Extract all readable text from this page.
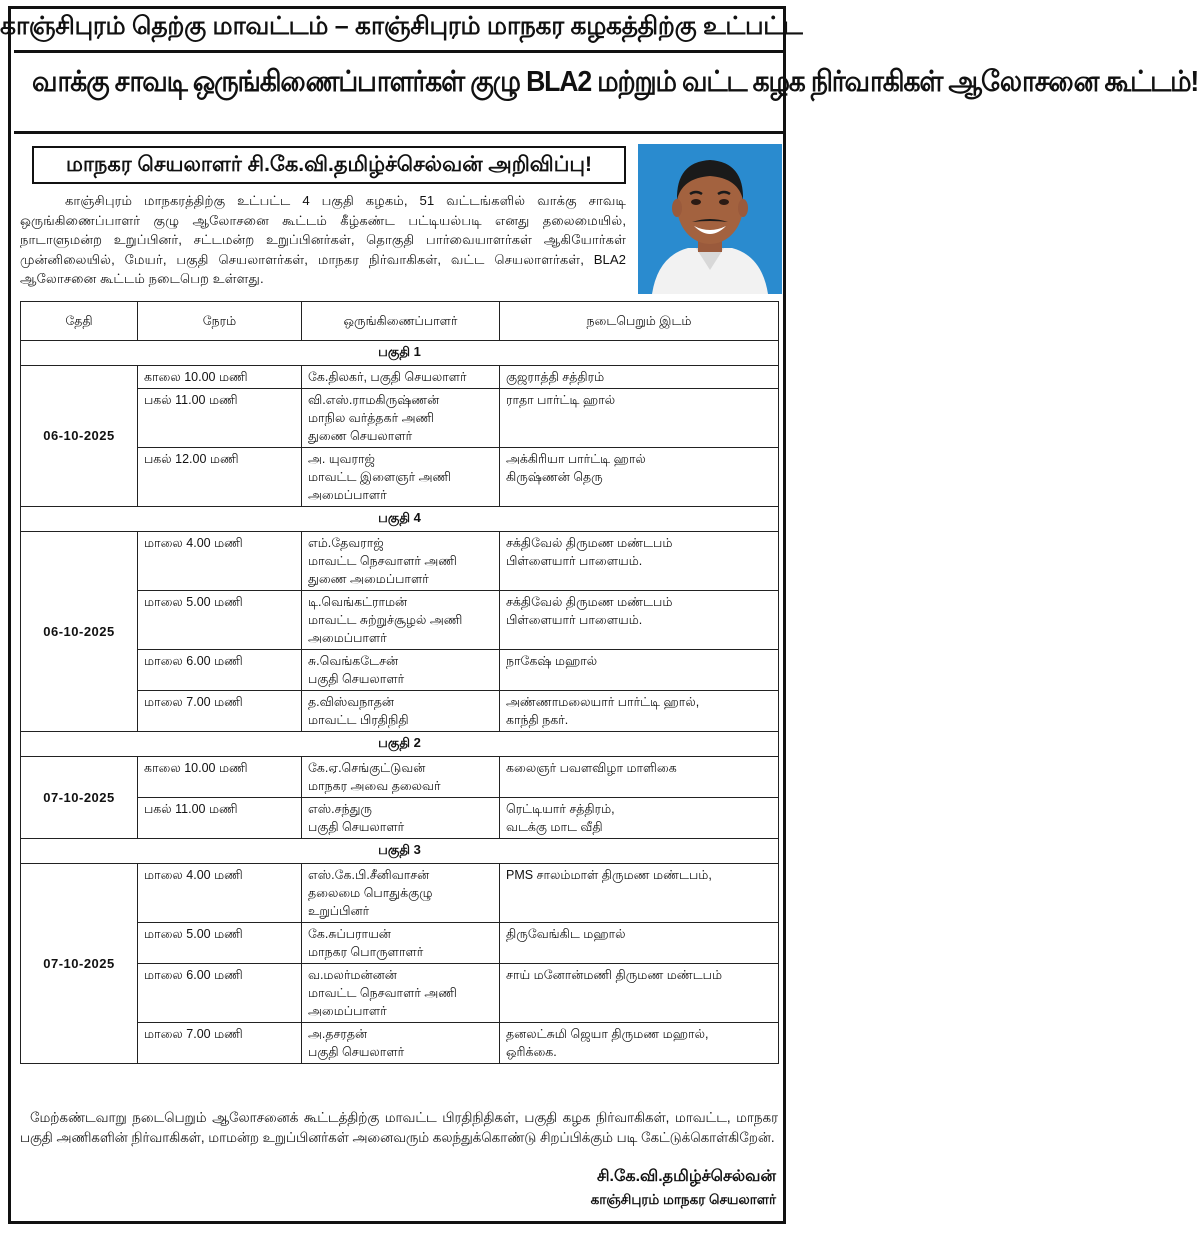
காஞ்சிபுரம் தெற்கு மாவட்டம் – காஞ்சிபுரம் மாநகர கழகத்திற்கு உட்பட்ட
வாக்கு சாவடி ஒருங்கிணைப்பாளர்கள் குழு BLA2 மற்றும் வட்ட கழக நிர்வாகிகள் ஆலோசனை கூட்டம்!
மாநகர செயலாளர் சி.கே.வி.தமிழ்ச்செல்வன் அறிவிப்பு!
காஞ்சிபுரம் மாநகரத்திற்கு உட்பட்ட 4 பகுதி கழகம், 51 வட்டங்களில் வாக்கு சாவடி ஒருங்கிணைப்பாளர் குழு ஆலோசனை கூட்டம் கீழ்கண்ட பட்டியல்படி எனது தலைமையில், நாடாளுமன்ற உறுப்பினர், சட்டமன்ற உறுப்பினர்கள், தொகுதி பார்வையாளர்கள் ஆகியோர்கள் முன்னிலையில், மேயர், பகுதி செயலாளர்கள், மாநகர நிர்வாகிகள், வட்ட செயலாளர்கள், BLA2 ஆலோசனை கூட்டம் நடைபெற உள்ளது.
தேதி	நேரம்	ஒருங்கிணைப்பாளர்	நடைபெறும் இடம்
பகுதி 1			
06-10-2025	காலை 10.00 மணி	கே.திலகர், பகுதி செயலாளர்	குஜராத்தி சத்திரம்

	பகல் 11.00 மணி	வி.எஸ்.ராமகிருஷ்ணன்
மாநில வர்த்தகர் அணி
துணை செயலாளர்	ராதா பார்ட்டி ஹால்

	பகல் 12.00 மணி	அ. யுவராஜ்
மாவட்ட இளைஞர் அணி
அமைப்பாளர்	அக்கிரியா பார்ட்டி ஹால்
கிருஷ்ணன் தெரு

பகுதி 4			
06-10-2025	மாலை 4.00 மணி	எம்.தேவராஜ்
மாவட்ட நெசவாளர் அணி
துணை அமைப்பாளர்	சக்திவேல் திருமண மண்டபம்
பிள்ளையார் பாளையம்.

	மாலை 5.00 மணி	டி.வெங்கட்ராமன்
மாவட்ட சுற்றுச்சூழல் அணி
அமைப்பாளர்	சக்திவேல் திருமண மண்டபம்
பிள்ளையார் பாளையம்.

	மாலை 6.00 மணி	சு.வெங்கடேசன்
பகுதி செயலாளர்	நாகேஷ் மஹால்

	மாலை 7.00 மணி	த.விஸ்வநாதன்
மாவட்ட பிரதிநிதி	அண்ணாமலையார் பார்ட்டி ஹால்,
காந்தி நகர்.

பகுதி 2			
07-10-2025	காலை 10.00 மணி	கே.ஏ.செங்குட்டுவன்
மாநகர அவை தலைவர்	கலைஞர் பவளவிழா மாளிகை

	பகல் 11.00 மணி	எஸ்.சந்துரு
பகுதி செயலாளர்	ரெட்டியார் சத்திரம்,
வடக்கு மாட வீதி

பகுதி 3			
07-10-2025	மாலை 4.00 மணி	எஸ்.கே.பி.சீனிவாசன்
தலைமை பொதுக்குழு
உறுப்பினர்	PMS சாலம்மாள் திருமண மண்டபம்,

	மாலை 5.00 மணி	கே.சுப்பராயன்
மாநகர பொருளாளர்	திருவேங்கிட மஹால்

	மாலை 6.00 மணி	வ.மலர்மன்னன்
மாவட்ட நெசவாளர் அணி
அமைப்பாளர்	சாய் மனோன்மணி திருமண மண்டபம்

	மாலை 7.00 மணி	அ.தசரதன்
பகுதி செயலாளர்	தனலட்சுமி ஜெயா திருமண மஹால்,
ஒரிக்கை.
மேற்கண்டவாறு நடைபெறும் ஆலோசனைக் கூட்டத்திற்கு மாவட்ட பிரதிநிதிகள், பகுதி கழக நிர்வாகிகள், மாவட்ட, மாநகர பகுதி அணிகளின் நிர்வாகிகள், மாமன்ற உறுப்பினர்கள் அனைவரும் கலந்துக்கொண்டு சிறப்பிக்கும் படி கேட்டுக்கொள்கிறேன்.
சி.கே.வி.தமிழ்ச்செல்வன்
காஞ்சிபுரம் மாநகர செயலாளர்
